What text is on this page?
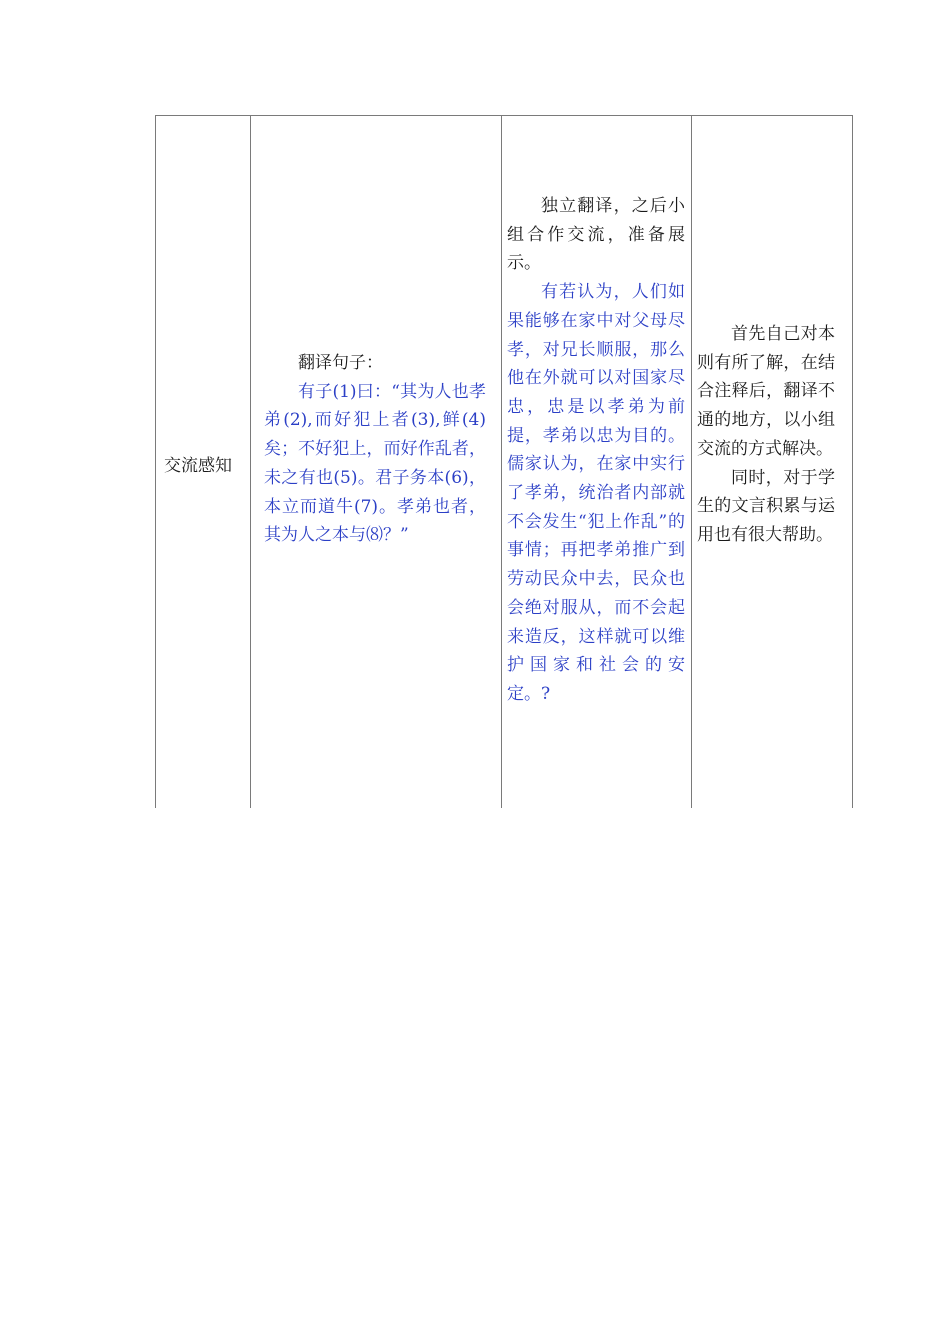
交流感知

翻译句子：

有子(1)曰：“其为人也孝弟(2),而好犯上者(3),鲜(4)矣；不好犯上，而好作乱者，未之有也(5)。君子务本(6)，本立而道牛(7)。孝弟也者，其为人之本与⑻？”

独立翻译，之后小组合作交流，准备展示。

有若认为，人们如果能够在家中对父母尽孝，对兄长顺服，那么他在外就可以对国家尽忠，忠是以孝弟为前提，孝弟以忠为目的。儒家认为，在家中实行了孝弟，统治者内部就不会发生“犯上作乱”的事情；再把孝弟推广到劳动民众中去，民众也会绝对服从，而不会起来造反，这样就可以维护国家和社会的安定。?

首先自己对本则有所了解，在结合注释后，翻译不通的地方，以小组交流的方式解决。

同时，对于学生的文言积累与运用也有很大帮助。
